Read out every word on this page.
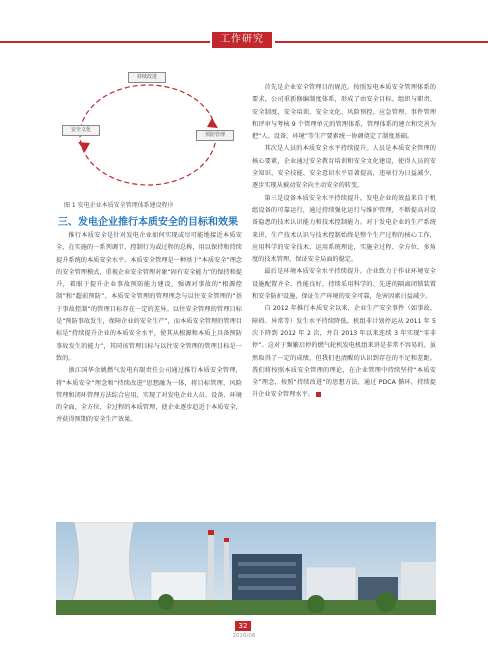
工作研究
持续改进
安全文化
预防管理
图 1 发电企业本质安全管理体系建设程序
三、发电企业推行本质安全的目标和效果

推行本质安全是针对发电企业如何实现或尽可能地接近本质安全，在实施的一系列调节、控制行为或过程的总称，用以保持和持续提升系统的本质安全水平。本质安全管理是一种基于“本质安全”理念的安全管理模式，重视企业安全管理对象“固有安全能力”的保持和提升，着眼于提升企业事故预防能力建设，强调对事故的“根源控制”和“超前预防”。本质安全管理的管理理念与以往安全管理的“基于事故控制”的管理目标存在一定的差异。以往安全管理的管理目标是“预防事故发生，保障企业的安全生产”，而本质安全管理的管理目标是“持续提升企业的本质安全水平，使其从根源和本质上具备预防事故发生的能力”，其同该管理目标与以往安全管理的管理目标是一致的。

浙江国华余姚燃气发电有限责任公司通过推行本质安全管理，将“本质安全”理念和“持续改进”思想融为一体，将目标管理、风险管理和闭环管理方法综合应用，实现了对发电企业人员、设备、环境的全面、全方位、全过程的本质管理，使企业逐步趋近于本质安全，并获得预期的安全生产效果。

首先是企业安全管理目的规范。按照发电本质安全管理体系的要求，公司重新修编制度体系，形成了由安全目标、组织与职责、安全制度、安全培训、安全文化、风险预控、应急管理、事件管理和评审与考核 9 个管理单元的管理体系，管理体系的建立和完善为把“人、设备、环境”等生产要素统一协调奠定了制度基础。

其次是人员的本质安全水平持续提升。人员是本质安全管理的核心要素，企业通过安全教育培训和安全文化建设，使得人员的安全知识、安全技能、安全意识水平显著提高，违章行为日益减少，逐步实现从被动安全向主动安全的转变。

第三是设备本质安全水平持续提升。发电企业的效益来自于机组设备的可靠运行，通过持续强化运行与维护管理，不断提高对设备隐患的技术认识能力和技术控制能力。对于发电企业的生产系统来讲，生产技术认识与技术控制始终是整个生产过程的核心工作，应用科学的安全技术、运用系统理论，实施全过程、全方位、多角度的技术管理，保证安全局面的稳定。

最后是环境本质安全水平持续提升。企业致力于作业环境安全设施配置齐全、性能良好，持续采用科学的、先进的隔离闭锁装置和安全防护设施，保证生产环境的安全可靠，危害因素日益减少。

自 2012 年推行本质安全以来，企业生产安全事件（如事故、障碍、异常等）发生水平持续降低。机组非计划停运从 2011 年 5 次下降到 2012 年 2 次，并自 2013 年以来连续 3 年实现“零非停”。这对于频繁启停的燃气轮机发电机组来讲是非常不容易的。虽然取得了一定的成绩，但我们也清醒的认识到存在的不足和差距。我们将按照本质安全管理的理论，在企业管理中持续坚持“本质安全”理念，按照“持续改进”的思想方法，通过 PDCA 循环，持续提升企业安全管理水平。

32
2016/08
